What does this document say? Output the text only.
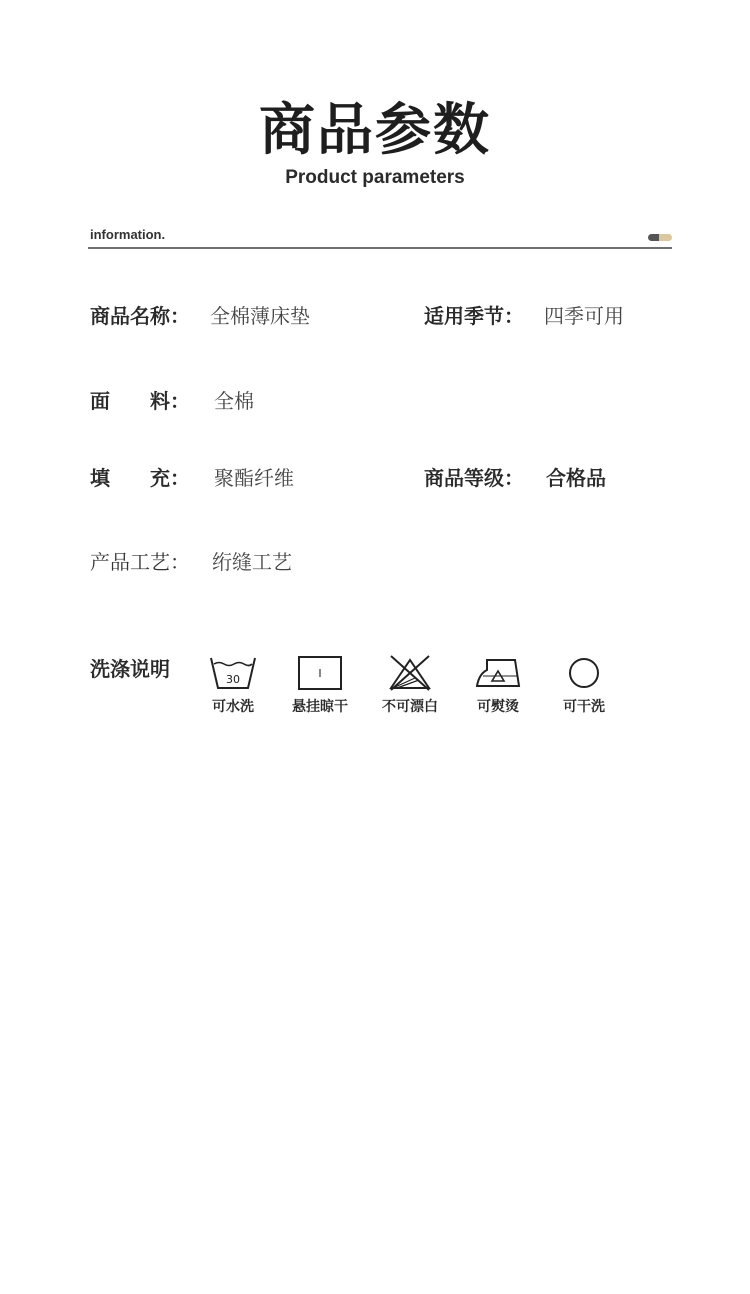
商品参数
Product parameters
information.
商品名称： 全棉薄床垫	适用季节： 四季可用
面　　料： 全棉
填　　充： 聚酯纤维	商品等级： 合格品
产品工艺： 绗缝工艺
洗涤说明	30
可水洗
I
悬挂晾干	不可漂白	可熨烫	可干洗
